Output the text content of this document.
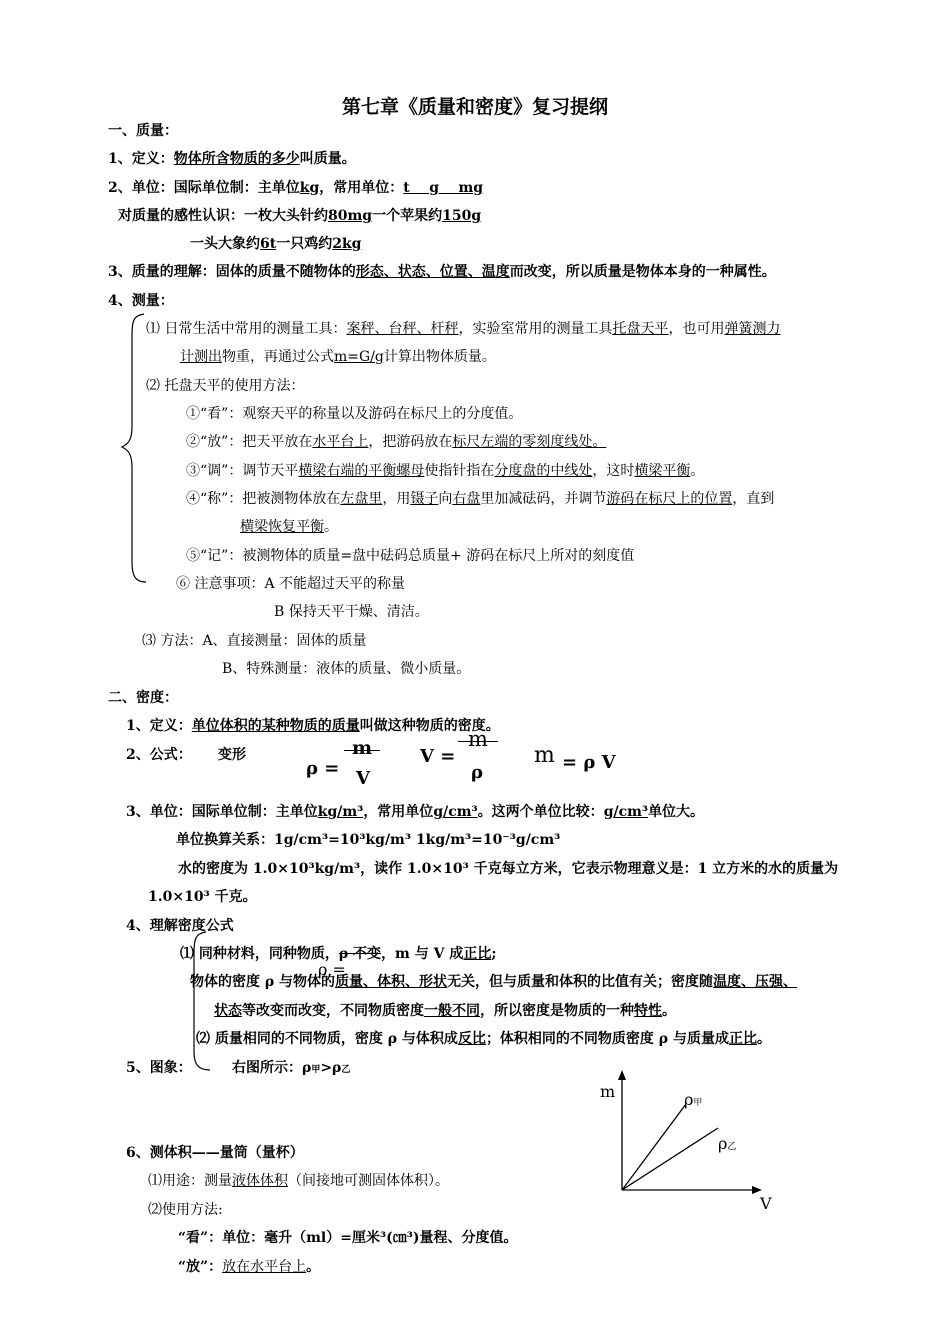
第七章《质量和密度》复习提纲
一、质量：
1、定义：物体所含物质的多少叫质量。
2、单位：国际单位制：主单位kg，常用单位：t    g    mg
对质量的感性认识：一枚大头针约80mg一个苹果约150g
一头大象约6t一只鸡约2kg
3、质量的理解：固体的质量不随物体的形态、状态、位置、温度而改变，所以质量是物体本身的一种属性。
4、测量：
⑴ 日常生活中常用的测量工具：案秤、台秤、杆秤，实验室常用的测量工具托盘天平，也可用弹簧测力
计测出物重，再通过公式m=G/g计算出物体质量。
⑵ 托盘天平的使用方法：
①“看”：观察天平的称量以及游码在标尺上的分度值。
②“放”：把天平放在水平台上，把游码放在标尺左端的零刻度线处。
③“调”：调节天平横梁右端的平衡螺母使指针指在分度盘的中线处，这时横梁平衡。
④“称”：把被测物体放在左盘里，用镊子向右盘里加减砝码，并调节游码在标尺上的位置，直到
横梁恢复平衡。
⑤“记”：被测物体的质量=盘中砝码总质量+ 游码在标尺上所对的刻度值
⑥ 注意事项：A 不能超过天平的称量
B 保持天平干燥、清洁。
⑶ 方法：A、直接测量：固体的质量
B、特殊测量：液体的质量、微小质量。
二、密度：
1、定义：单位体积的某种物质的质量叫做这种物质的密度。
2、公式： 变形
ρ =
m
V
V =
m
ρ
m = ρ V
3、单位：国际单位制：主单位kg/m³，常用单位g/cm³。这两个单位比较：g/cm³单位大。
单位换算关系：1g/cm³=10³kg/m³ 1kg/m³=10⁻³g/cm³
水的密度为 1.0×10³kg/m³，读作 1.0×10³ 千克每立方米，它表示物理意义是：1 立方米的水的质量为
1.0×10³ 千克。
4、理解密度公式
⑴ 同种材料，同种物质，ρ 不变，m 与 V 成正比;
ρ =
物体的密度 ρ 与物体的质量、体积、形状无关，但与质量和体积的比值有关；密度随温度、压强、
状态等改变而改变，不同物质密度一般不同，所以密度是物质的一种特性。
⑵ 质量相同的不同物质，密度 ρ 与体积成反比；体积相同的不同物质密度 ρ 与质量成正比。
5、图象：	右图所示：ρ甲>ρ乙
m
V
ρ甲
ρ乙
6、测体积——量筒（量杯）
⑴用途：测量液体体积（间接地可测固体体积）。
⑵使用方法:
“看”：单位：毫升（ml）=厘米³(㎝³)量程、分度值。
“放”：放在水平台上。
